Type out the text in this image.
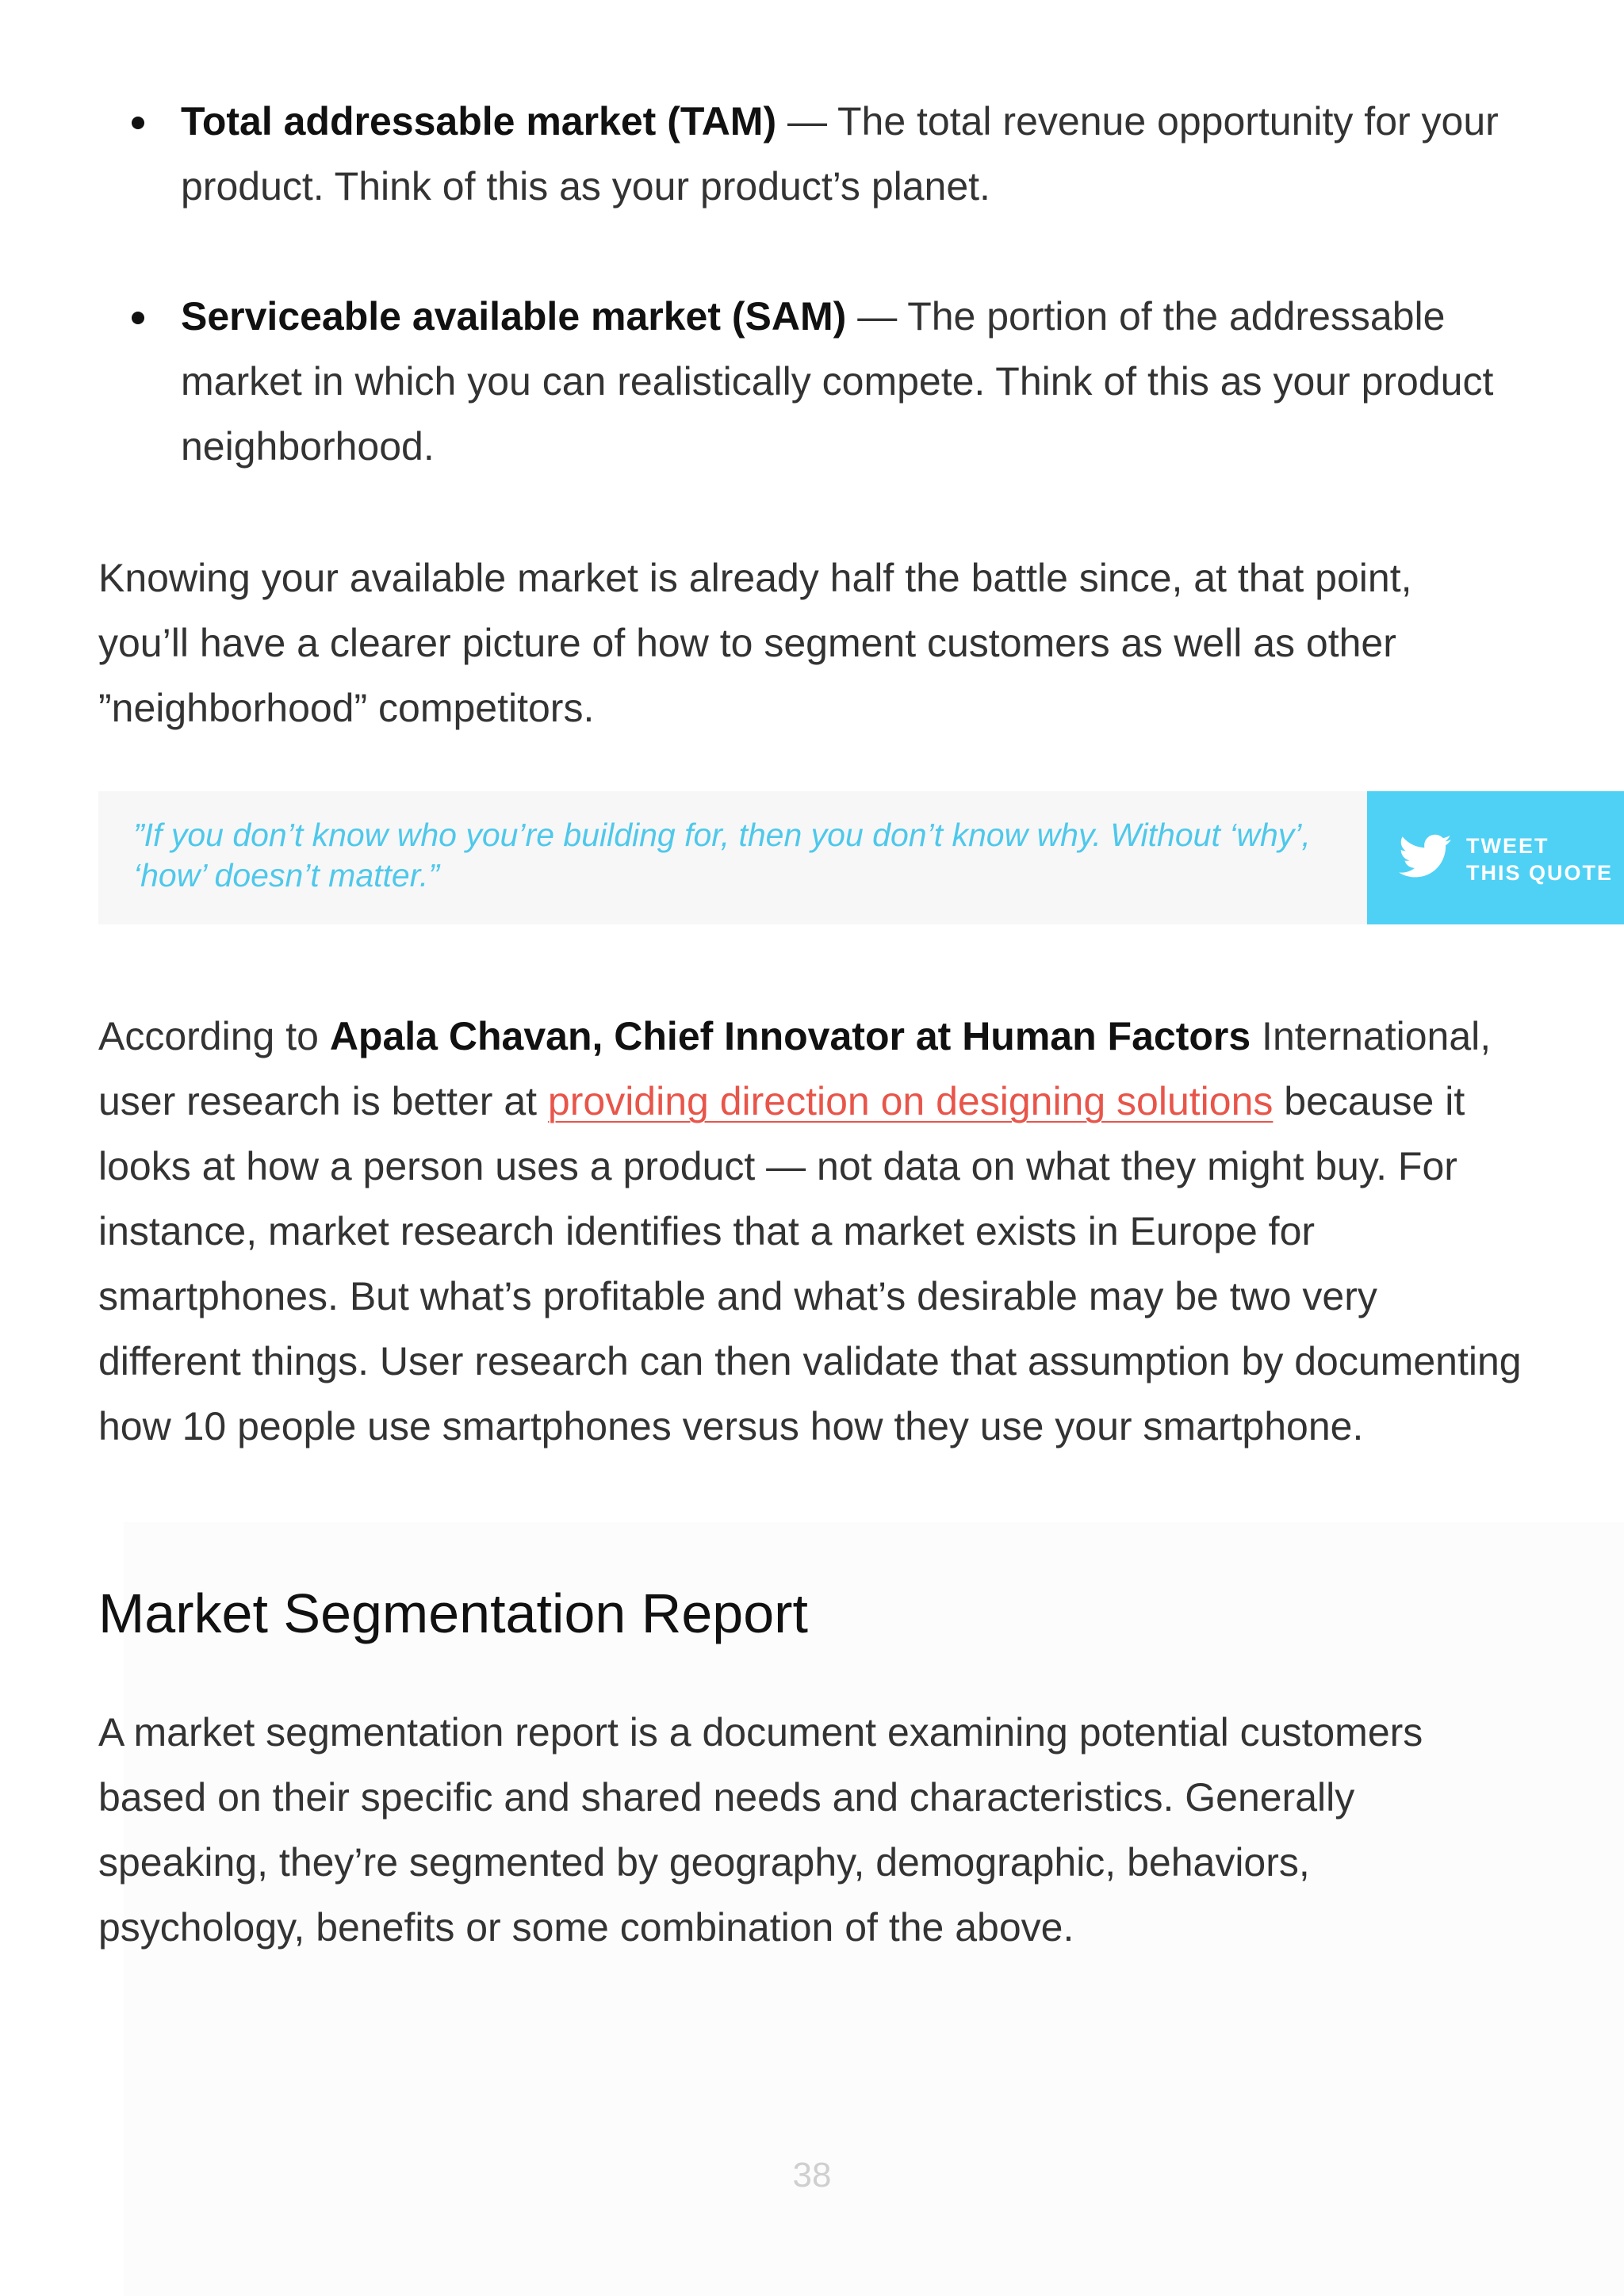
Total addressable market (TAM) — The total revenue opportunity for your product. Think of this as your product’s planet.
Serviceable available market (SAM) — The portion of the addressable market in which you can realistically compete. Think of this as your product neighborhood.

Knowing your available market is already half the battle since, at that point, you’ll have a clearer picture of how to segment customers as well as other ”neighborhood” competitors.

”If you don’t know who you’re building for, then you don’t know why. Without ‘why’, ‘how’ doesn’t matter.”

TWEET
THIS QUOTE

According to Apala Chavan, Chief Innovator at Human Factors International, user research is better at providing direction on designing solutions because it looks at how a person uses a product — not data on what they might buy. For instance, market research identifies that a market exists in Europe for smartphones. But what’s profitable and what’s desirable may be two very different things. User research can then validate that assumption by documenting how 10 people use smartphones versus how they use your smartphone.

Market Segmentation Report

A market segmentation report is a document examining potential customers based on their specific and shared needs and characteristics. Generally speaking, they’re segmented by geography, demographic, behaviors, psychology, benefits or some combination of the above.

38
